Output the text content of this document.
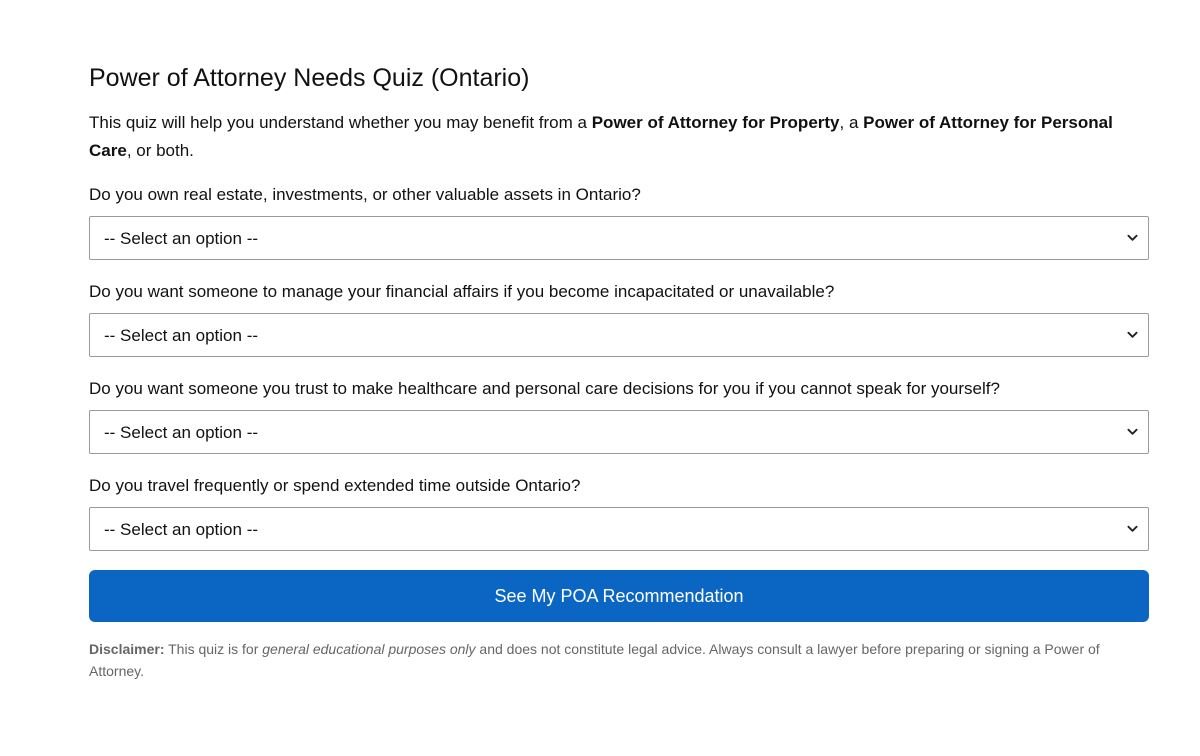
Power of Attorney Needs Quiz (Ontario)

This quiz will help you understand whether you may benefit from a Power of Attorney for Property, a Power of Attorney for Personal Care, or both.

Do you own real estate, investments, or other valuable assets in Ontario?
-- Select an option --
Do you want someone to manage your financial affairs if you become incapacitated or unavailable?
-- Select an option --
Do you want someone you trust to make healthcare and personal care decisions for you if you cannot speak for yourself?
-- Select an option --
Do you travel frequently or spend extended time outside Ontario?
-- Select an option --
See My POA Recommendation

Disclaimer: This quiz is for general educational purposes only and does not constitute legal advice. Always consult a lawyer before preparing or signing a Power of Attorney.
